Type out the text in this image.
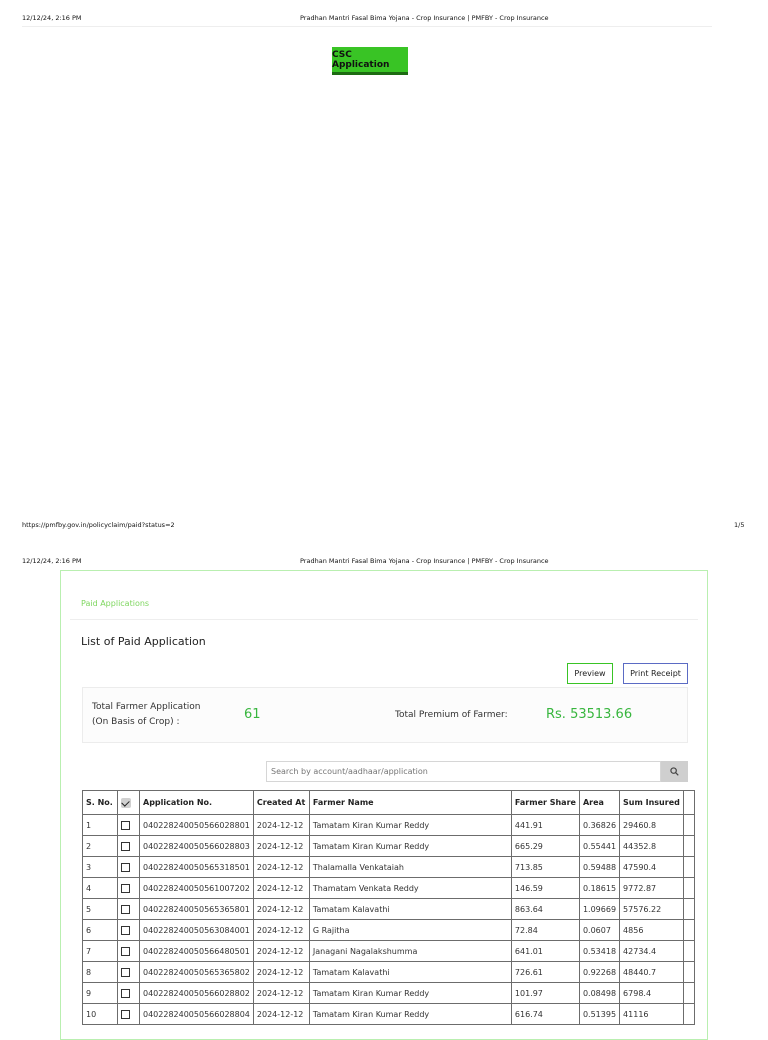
12/12/24, 2:16 PM	Pradhan Mantri Fasal Bima Yojana - Crop Insurance | PMFBY - Crop Insurance
CSC Application
https://pmfby.gov.in/policyclaim/paid?status=2	1/5
12/12/24, 2:16 PM	Pradhan Mantri Fasal Bima Yojana - Crop Insurance | PMFBY - Crop Insurance
Paid Applications
List of Paid Application
Preview	Print Receipt
Total Farmer Application
(On Basis of Crop) :	61	Total Premium of Farmer:	Rs. 53513.66
Search by account/aadhaar/application
S. No.		Application No.	Created At	Farmer Name	Farmer Share	Area	Sum Insured	
1		040228240050566028801	2024-12-12	Tamatam Kiran Kumar Reddy	441.91	0.36826	29460.8	
2		040228240050566028803	2024-12-12	Tamatam Kiran Kumar Reddy	665.29	0.55441	44352.8	
3		040228240050565318501	2024-12-12	Thalamalla Venkataiah	713.85	0.59488	47590.4	
4		040228240050561007202	2024-12-12	Thamatam Venkata Reddy	146.59	0.18615	9772.87	
5		040228240050565365801	2024-12-12	Tamatam Kalavathi	863.64	1.09669	57576.22	
6		040228240050563084001	2024-12-12	G Rajitha	72.84	0.0607	4856	
7		040228240050566480501	2024-12-12	Janagani Nagalakshumma	641.01	0.53418	42734.4	
8		040228240050565365802	2024-12-12	Tamatam Kalavathi	726.61	0.92268	48440.7	
9		040228240050566028802	2024-12-12	Tamatam Kiran Kumar Reddy	101.97	0.08498	6798.4	
10		040228240050566028804	2024-12-12	Tamatam Kiran Kumar Reddy	616.74	0.51395	41116	
